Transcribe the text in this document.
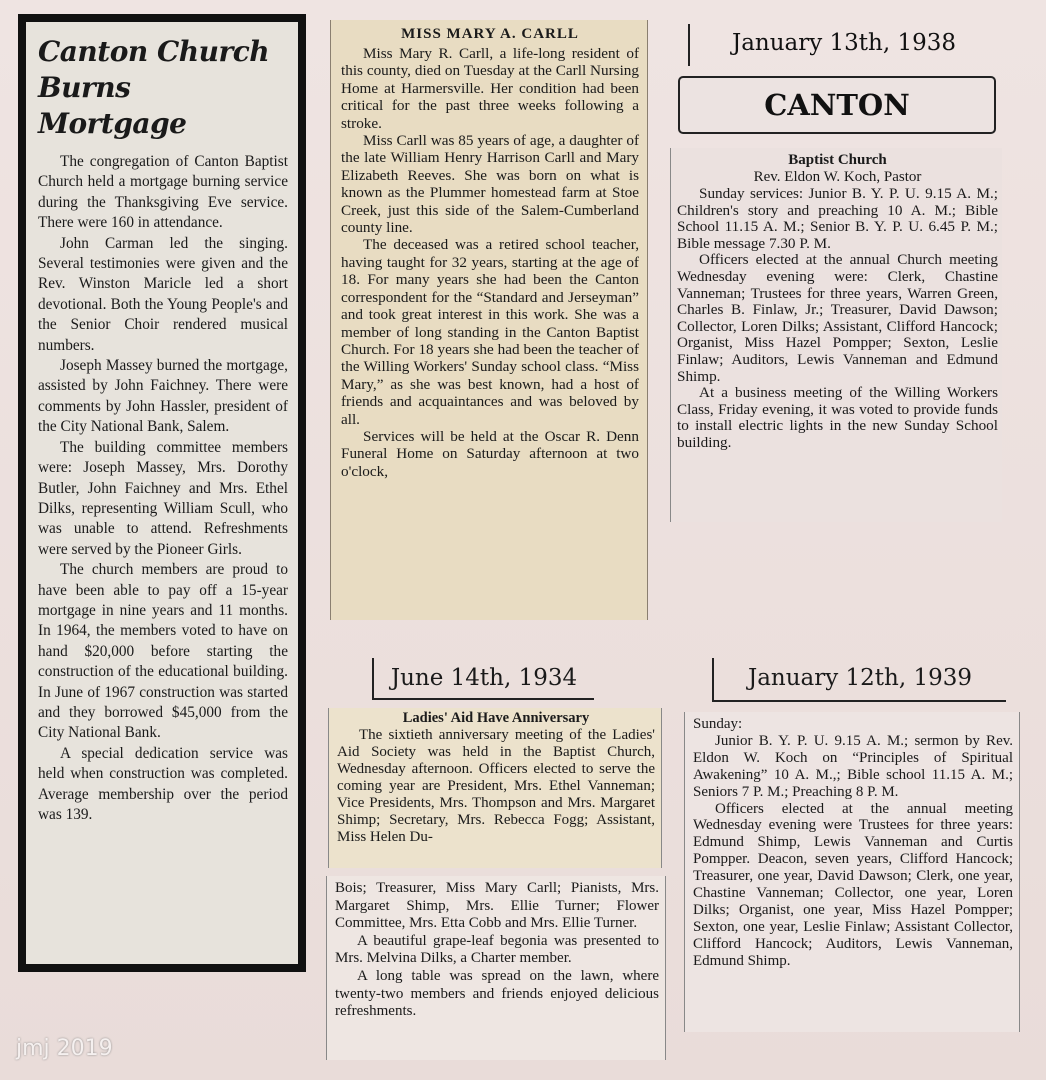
Canton Church
Burns Mortgage

The congregation of Canton Baptist Church held a mortgage burning service during the Thanksgiving Eve service. There were 160 in attendance.

John Carman led the singing. Several testimonies were given and the Rev. Winston Maricle led a short devotional. Both the Young People's and the Senior Choir rendered musical numbers.

Joseph Massey burned the mortgage, assisted by John Faichney. There were comments by John Hassler, president of the City National Bank, Salem.

The building committee members were: Joseph Massey, Mrs. Dorothy Butler, John Faichney and Mrs. Ethel Dilks, representing William Scull, who was unable to attend. Refreshments were served by the Pioneer Girls.

The church members are proud to have been able to pay off a 15-year mortgage in nine years and 11 months. In 1964, the members voted to have on hand $20,000 before starting the construction of the educational building. In June of 1967 construction was started and they borrowed $45,000 from the City National Bank.

A special dedication service was held when construction was completed. Average membership over the period was 139.

MISS MARY A. CARLL

Miss Mary R. Carll, a life-long resident of this county, died on Tuesday at the Carll Nursing Home at Harmersville. Her condition had been critical for the past three weeks following a stroke.

Miss Carll was 85 years of age, a daughter of the late William Henry Harrison Carll and Mary Elizabeth Reeves. She was born on what is known as the Plummer homestead farm at Stoe Creek, just this side of the Salem-Cumberland county line.

The deceased was a retired school teacher, having taught for 32 years, starting at the age of 18. For many years she had been the Canton correspondent for the “Standard and Jerseyman” and took great interest in this work. She was a member of long standing in the Canton Baptist Church. For 18 years she had been the teacher of the Willing Workers' Sunday school class. “Miss Mary,” as she was best known, had a host of friends and acquaintances and was beloved by all.

Services will be held at the Oscar R. Denn Funeral Home on Saturday afternoon at two o'clock,

January 13th, 1938
CANTON
Baptist Church
Rev. Eldon W. Koch, Pastor

Sunday services: Junior B. Y. P. U. 9.15 A. M.; Children's story and preaching 10 A. M.; Bible School 11.15 A. M.; Senior B. Y. P. U. 6.45 P. M.; Bible message 7.30 P. M.

Officers elected at the annual Church meeting Wednesday evening were: Clerk, Chastine Vanneman; Trustees for three years, Warren Green, Charles B. Finlaw, Jr.; Treasurer, David Dawson; Collector, Loren Dilks; Assistant, Clifford Hancock; Organist, Miss Hazel Pompper; Sexton, Leslie Finlaw; Auditors, Lewis Vanneman and Edmund Shimp.

At a business meeting of the Willing Workers Class, Friday evening, it was voted to provide funds to install electric lights in the new Sunday School building.

June 14th, 1934
Ladies' Aid Have Anniversary

The sixtieth anniversary meeting of the Ladies' Aid Society was held in the Baptist Church, Wednesday afternoon. Officers elected to serve the coming year are President, Mrs. Ethel Vanneman; Vice Presidents, Mrs. Thompson and Mrs. Margaret Shimp; Secretary, Mrs. Rebecca Fogg; Assistant, Miss Helen Du-

Bois; Treasurer, Miss Mary Carll; Pianists, Mrs. Margaret Shimp, Mrs. Ellie Turner; Flower Committee, Mrs. Etta Cobb and Mrs. Ellie Turner.

A beautiful grape-leaf begonia was presented to Mrs. Melvina Dilks, a Charter member.

A long table was spread on the lawn, where twenty-two members and friends enjoyed delicious refreshments.

January 12th, 1939

Sunday:

Junior B. Y. P. U. 9.15 A. M.; sermon by Rev. Eldon W. Koch on “Principles of Spiritual Awakening” 10 A. M.,; Bible school 11.15 A. M.; Seniors 7 P. M.; Preaching 8 P. M.

Officers elected at the annual meeting Wednesday evening were Trustees for three years: Edmund Shimp, Lewis Vanneman and Curtis Pompper. Deacon, seven years, Clifford Hancock; Treasurer, one year, David Dawson; Clerk, one year, Chastine Vanneman; Collector, one year, Loren Dilks; Organist, one year, Miss Hazel Pompper; Sexton, one year, Leslie Finlaw; Assistant Collector, Clifford Hancock; Auditors, Lewis Vanneman, Edmund Shimp.

jmj 2019
